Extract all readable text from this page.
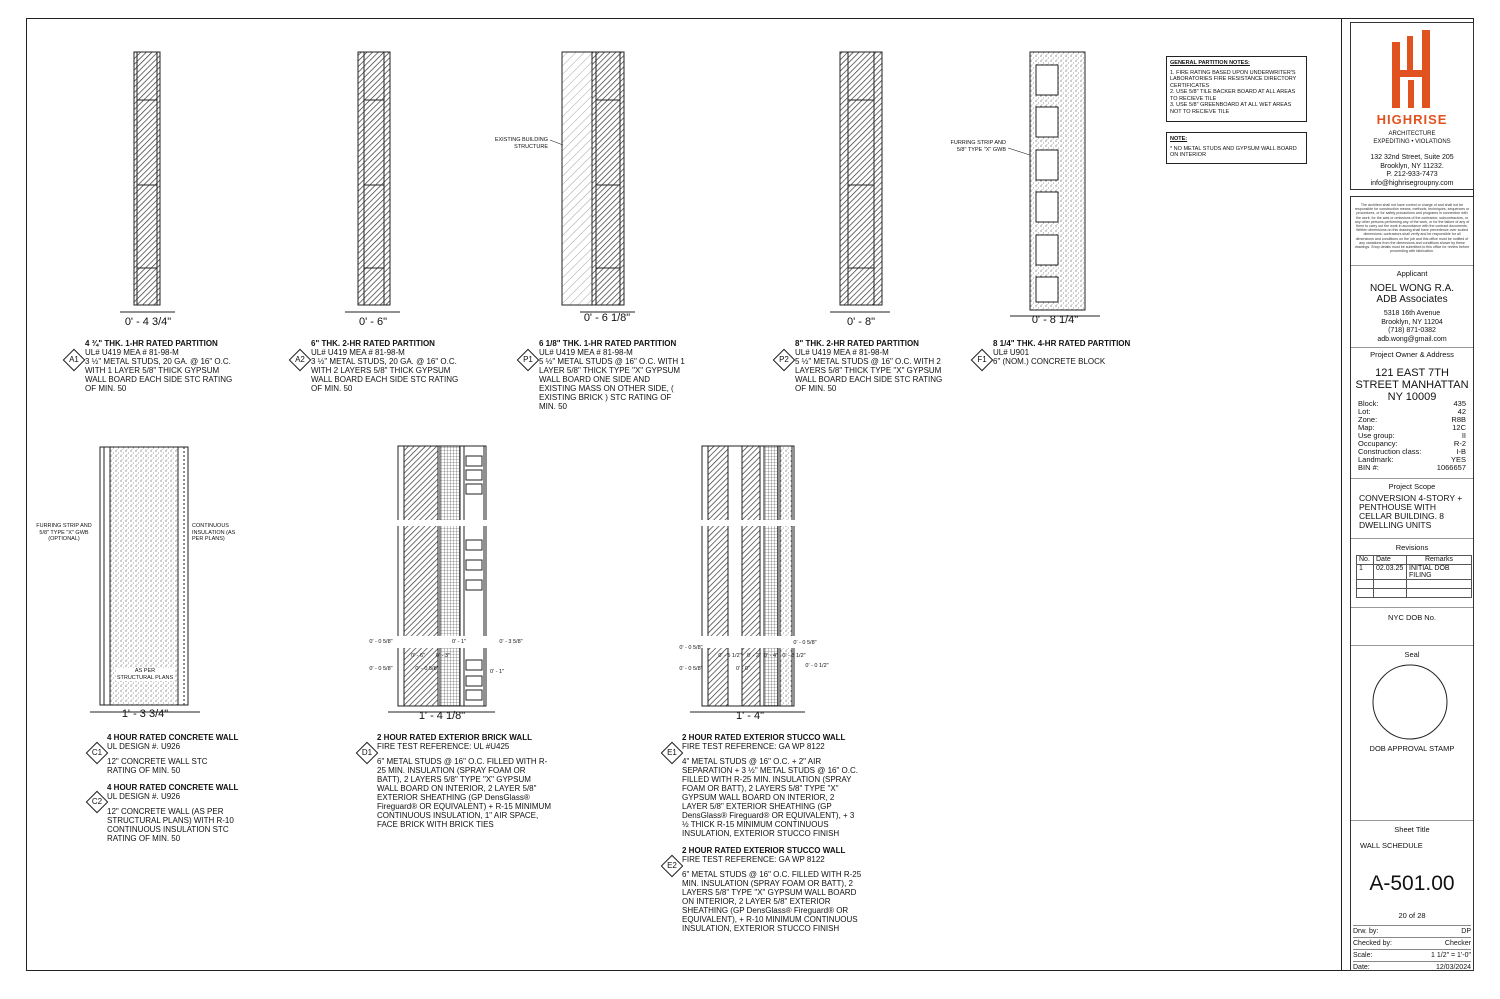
0' - 4 3/4"	0' - 6"	0' - 6 1/8"	0' - 8"	0' - 8 1/4"
1' - 3 3/4"	1' - 4 1/8"	1' - 4"
EXISTING BUILDING STRUCTURE
FURRING STRIP AND 5/8" TYPE "X" GWB
FURRING STRIP AND 5/8" TYPE "X" GWB (OPTIONAL)
CONTINUOUS INSULATION (AS PER PLANS)
AS PER STRUCTURAL PLANS
0' - 0 5/8"
0' - 6"	0' - 3"
0' - 0 5/8"	0' - 0 5/8"
0' - 1"	0' - 3 5/8"
0' - 1"
0' - 0 5/8"
0' - 0 5/8"
0' - 5 1/2" 0' - 2" 0' - 4" 0' - 3 1/2"
0' - 0 5/8"
0' - 0"	0' - 0 1/2"
A1	A2	P1	P2	F1
C1
C2
D1	E1
E2
4 ¾" THK. 1-HR RATED PARTITION
UL# U419 MEA # 81-98-M
3 ½" METAL STUDS, 20 GA. @ 16" O.C. WITH 1 LAYER 5/8" THICK GYPSUM WALL BOARD EACH SIDE STC RATING OF MIN. 50
6" THK. 2-HR RATED PARTITION
UL# U419 MEA # 81-98-M
3 ½" METAL STUDS, 20 GA. @ 16" O.C. WITH 2 LAYERS 5/8" THICK GYPSUM WALL BOARD EACH SIDE STC RATING OF MIN. 50
6 1/8" THK. 1-HR RATED PARTITION
UL# U419 MEA # 81-98-M
5 ½" METAL STUDS @ 16" O.C. WITH 1 LAYER 5/8" THICK TYPE "X" GYPSUM WALL BOARD ONE SIDE AND EXISTING MASS ON OTHER SIDE, ( EXISTING BRICK ) STC RATING OF MIN. 50
8" THK. 2-HR RATED PARTITION
UL# U419 MEA # 81-98-M
5 ½" METAL STUDS @ 16" O.C. WITH 2 LAYERS 5/8" THICK TYPE "X" GYPSUM WALL BOARD EACH SIDE STC RATING OF MIN. 50
8 1/4" THK. 4-HR RATED PARTITION
UL# U901
6" (NOM.) CONCRETE BLOCK
4 HOUR RATED CONCRETE WALL
UL DESIGN #. U926
12" CONCRETE WALL STC RATING OF MIN. 50
4 HOUR RATED CONCRETE WALL
UL DESIGN #. U926
12" CONCRETE WALL (AS PER STRUCTURAL PLANS) WITH R-10 CONTINUOUS INSULATION STC RATING OF MIN. 50
2 HOUR RATED EXTERIOR BRICK WALL
FIRE TEST REFERENCE: UL #U425
6" METAL STUDS @ 16" O.C. FILLED WITH R-25 MIN. INSULATION (SPRAY FOAM OR BATT), 2 LAYERS 5/8" TYPE "X" GYPSUM WALL BOARD ON INTERIOR, 2 LAYER 5/8" EXTERIOR SHEATHING (GP DensGlass® Fireguard® OR EQUIVALENT) + R-15 MINIMUM CONTINUOUS INSULATION, 1" AIR SPACE, FACE BRICK WITH BRICK TIES
2 HOUR RATED EXTERIOR STUCCO WALL
FIRE TEST REFERENCE: GA WP 8122
4" METAL STUDS @ 16" O.C. + 2" AIR SEPARATION + 3 ½" METAL STUDS @ 16" O.C. FILLED WITH R-25 MIN. INSULATION (SPRAY FOAM OR BATT), 2 LAYERS 5/8" TYPE "X" GYPSUM WALL BOARD ON INTERIOR, 2 LAYER 5/8" EXTERIOR SHEATHING (GP DensGlass® Fireguard® OR EQUIVALENT), + 3 ½ THICK R-15 MINIMUM CONTINUOUS INSULATION, EXTERIOR STUCCO FINISH
2 HOUR RATED EXTERIOR STUCCO WALL
FIRE TEST REFERENCE: GA WP 8122
6" METAL STUDS @ 16" O.C. FILLED WITH R-25 MIN. INSULATION (SPRAY FOAM OR BATT), 2 LAYERS 5/8" TYPE "X" GYPSUM WALL BOARD ON INTERIOR, 2 LAYER 5/8" EXTERIOR SHEATHING (GP DensGlass® Fireguard® OR EQUIVALENT), + R-10 MINIMUM CONTINUOUS INSULATION, EXTERIOR STUCCO FINISH
GENERAL PARTITION NOTES:
1. FIRE RATING BASED UPON UNDERWRITER'S LABORATORIES FIRE RESISTANCE DIRECTORY CERTIFICATES
2. USE 5/8" TILE BACKER BOARD AT ALL AREAS TO RECIEVE TILE
3. USE 5/8" GREENBOARD AT ALL WET AREAS NOT TO RECIEVE TILE
NOTE:
* NO METAL STUDS AND GYPSUM WALL BOARD ON INTERIOR
HIGHRISE
ARCHITECTURE
EXPEDITING • VIOLATIONS
132 32nd Street, Suite 205
Brooklyn, NY 11232.
P. 212-933-7473
info@highrisegroupny.com
The architect shall not have control or charge of and shall not be responsible for construction means, methods, techniques, sequences or procedures, or for safety precautions and programs in connection with the work, for the acts or omissions of the contractor, subcontractors, or any other persons performing any of the work, or for the failure of any of them to carry out the work in accordance with the contract documents. Written dimensions on this drawing shall have precedence over scaled dimensions; contractors shall verify and be responsible for all dimensions and conditions on the job and this office must be notified of any variations from the dimensions and conditions shown by these drawings. Shop details must be submitted to this office for review before proceeding with fabrication.
Applicant
NOEL WONG R.A.
ADB Associates
5318 16th Avenue
Brooklyn, NY 11204
(718) 871-0382
adb.wong@gmail.com
Project Owner & Address
121 EAST 7TH STREET MANHATTAN NY 10009
Block:	435
Lot:	42
Zone:	R8B
Map:	12C
Use group:	II
Occupancy:	R-2
Construction class:	I-B
Landmark:	YES
BIN #:	1066657
Project Scope
CONVERSION 4-STORY + PENTHOUSE WITH CELLAR BUILDING. 8 DWELLING UNITS
Revisions
No.	Date	Remarks
1	02.03.25	INITIAL DOB FILING

NYC DOB No.
Seal
DOB APPROVAL STAMP
Sheet Title
WALL SCHEDULE
A-501.00
20 of 28
Drw. by:	DP
Checked by:	Checker
Scale:	1 1/2" = 1'-0"
Date:	12/03/2024
